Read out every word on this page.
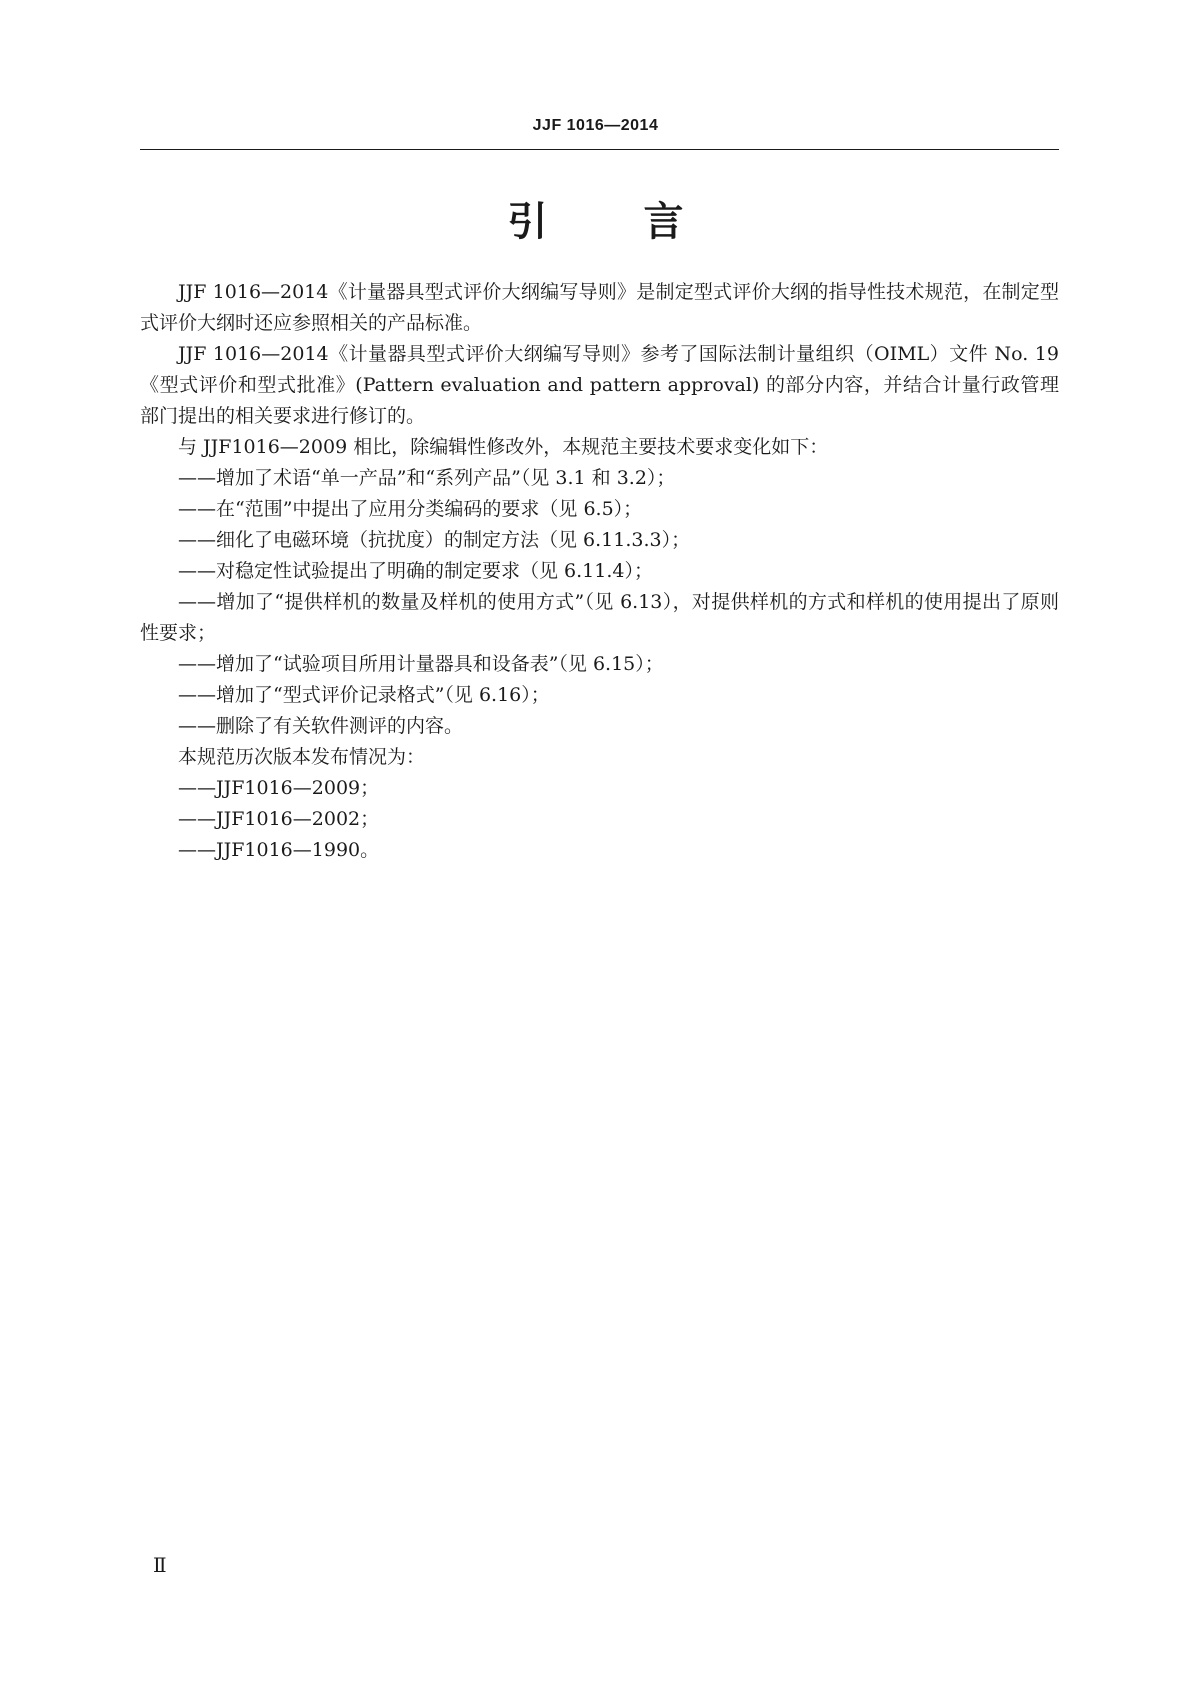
JJF 1016—2014
引 言

JJF 1016—2014《计量器具型式评价大纲编写导则》是制定型式评价大纲的指导性技术规范，在制定型式评价大纲时还应参照相关的产品标准。

JJF 1016—2014《计量器具型式评价大纲编写导则》参考了国际法制计量组织（OIML）文件 No. 19《型式评价和型式批准》(Pattern evaluation and pattern approval) 的部分内容，并结合计量行政管理部门提出的相关要求进行修订的。

与 JJF1016—2009 相比，除编辑性修改外，本规范主要技术要求变化如下：

——增加了术语“单一产品”和“系列产品”（见 3.1 和 3.2）；

——在“范围”中提出了应用分类编码的要求（见 6.5）；

——细化了电磁环境（抗扰度）的制定方法（见 6.11.3.3）；

——对稳定性试验提出了明确的制定要求（见 6.11.4）；

——增加了“提供样机的数量及样机的使用方式”（见 6.13），对提供样机的方式和样机的使用提出了原则性要求；

——增加了“试验项目所用计量器具和设备表”（见 6.15）；

——增加了“型式评价记录格式”（见 6.16）；

——删除了有关软件测评的内容。

本规范历次版本发布情况为：

——JJF1016—2009；

——JJF1016—2002；

——JJF1016—1990。

Ⅱ
